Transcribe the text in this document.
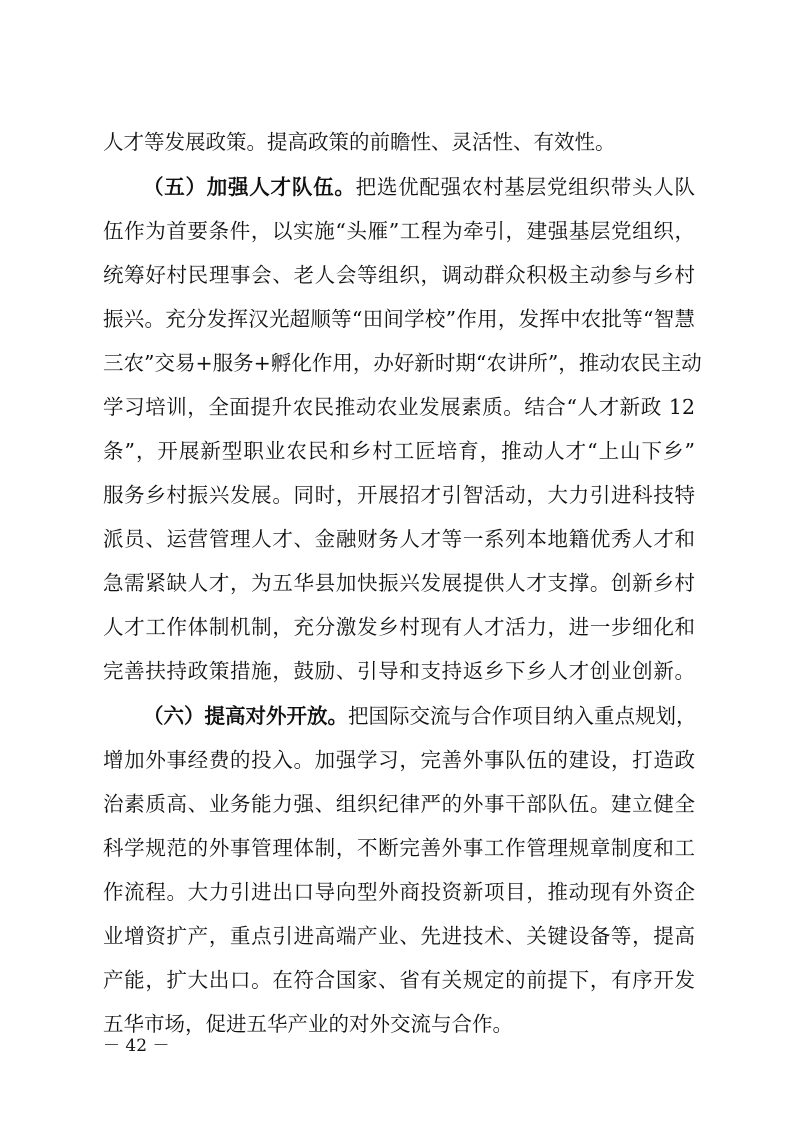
人才等发展政策。提高政策的前瞻性、灵活性、有效性。
（五）加强人才队伍。把选优配强农村基层党组织带头人队
伍作为首要条件，以实施“头雁”工程为牵引，建强基层党组织，
统筹好村民理事会、老人会等组织，调动群众积极主动参与乡村
振兴。充分发挥汉光超顺等“田间学校”作用，发挥中农批等“智慧
三农”交易+服务+孵化作用，办好新时期“农讲所”，推动农民主动
学习培训，全面提升农民推动农业发展素质。结合“人才新政 12
条”，开展新型职业农民和乡村工匠培育，推动人才“上山下乡”
服务乡村振兴发展。同时，开展招才引智活动，大力引进科技特
派员、运营管理人才、金融财务人才等一系列本地籍优秀人才和
急需紧缺人才，为五华县加快振兴发展提供人才支撑。创新乡村
人才工作体制机制，充分激发乡村现有人才活力，进一步细化和
完善扶持政策措施，鼓励、引导和支持返乡下乡人才创业创新。
（六）提高对外开放。把国际交流与合作项目纳入重点规划，
增加外事经费的投入。加强学习，完善外事队伍的建设，打造政
治素质高、业务能力强、组织纪律严的外事干部队伍。建立健全
科学规范的外事管理体制，不断完善外事工作管理规章制度和工
作流程。大力引进出口导向型外商投资新项目，推动现有外资企
业增资扩产，重点引进高端产业、先进技术、关键设备等，提高
产能，扩大出口。在符合国家、省有关规定的前提下，有序开发
五华市场，促进五华产业的对外交流与合作。
－ 42 －
